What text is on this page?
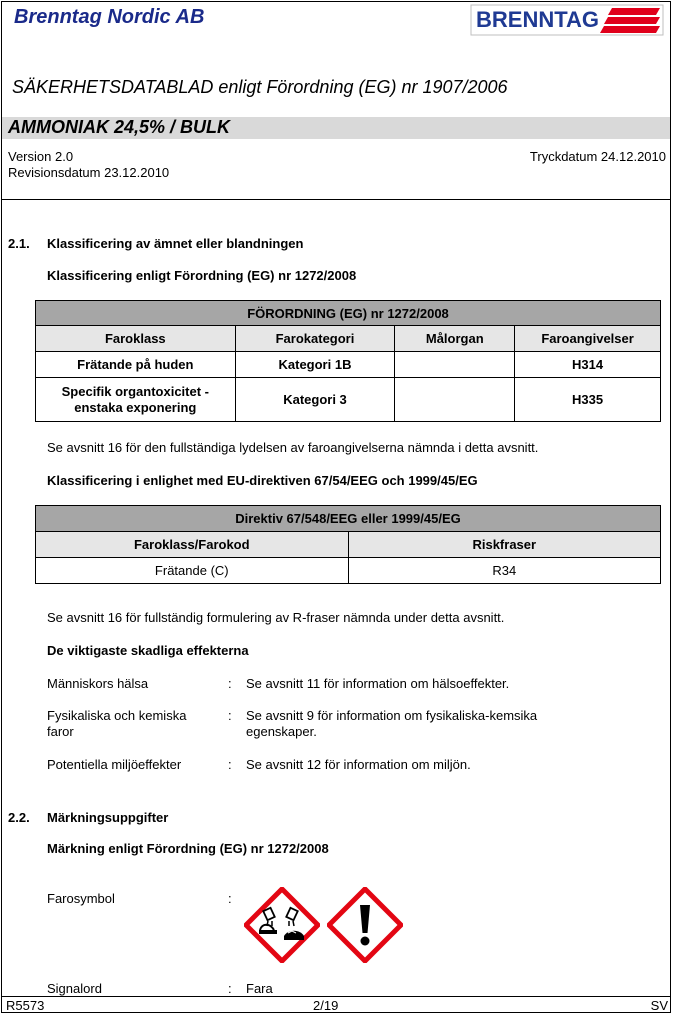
Brenntag Nordic AB	BRENNTAG
SÄKERHETSDATABLAD enligt Förordning (EG) nr 1907/2006
AMMONIAK 24,5% / BULK
Version 2.0
Revisionsdatum 23.12.2010
Tryckdatum 24.12.2010
2.1. Klassificering av ämnet eller blandningen
Klassificering enligt Förordning (EG) nr 1272/2008
FÖRORDNING (EG) nr 1272/2008			
Faroklass	Farokategori	Målorgan	Faroangivelser
Frätande på huden	Kategori 1B		H314
Specifik organtoxicitet -
enstaka exponering	Kategori 3		H335
Se avsnitt 16 för den fullständiga lydelsen av faroangivelserna nämnda i detta avsnitt.
Klassificering i enlighet med EU-direktiven 67/54/EEG och 1999/45/EG
Direktiv 67/548/EEG eller 1999/45/EG	
Faroklass/Farokod	Riskfraser
Frätande (C)	R34
Se avsnitt 16 för fullständig formulering av R-fraser nämnda under detta avsnitt.
De viktigaste skadliga effekterna
Människors hälsa	: Se avsnitt 11 för information om hälsoeffekter.
Fysikaliska och kemiska
faror
: Se avsnitt 9 för information om fysikaliska-kemsika
egenskaper.
Potentiella miljöeffekter	: Se avsnitt 12 för information om miljön.
2.2. Märkningsuppgifter
Märkning enligt Förordning (EG) nr 1272/2008
Farosymbol	:
Signalord	: Fara
R5573	2/19	SV
